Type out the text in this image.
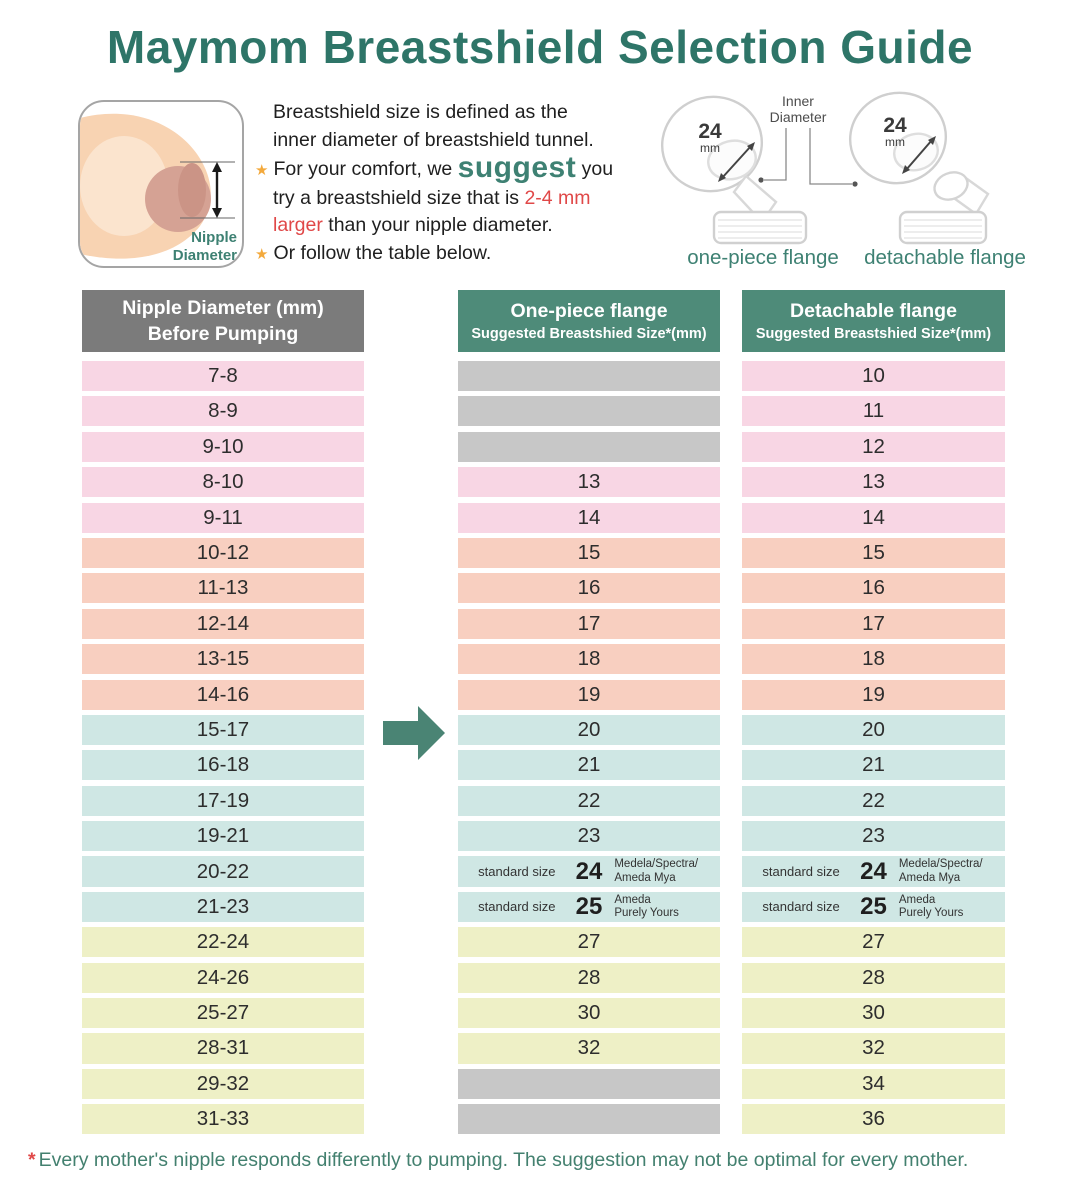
Maymom Breastshield Selection Guide
Nipple
Diameter
Breastshield size is defined as the
inner diameter of breastshield tunnel.
★ For your comfort, we suggest you
try a breastshield size that is 2-4 mm
larger than your nipple diameter.
★ Or follow the table below.
24
mm
24
mm
Inner
Diameter
one-piece flange	detachable flange
Nipple Diameter (mm)
Before Pumping
One-piece flange
Suggested Breastshied Size*(mm)
Detachable flange
Suggested Breastshied Size*(mm)
7-8
8-9
9-10
8-10
9-11
10-12
11-13
12-14
13-15
14-16
15-17
16-18
17-19
19-21
20-22
21-23
22-24
24-26
25-27
28-31
29-32
31-33
13
14
15
16
17
18
19
20
21
22
23
standard size 24 Medela/Spectra/
Ameda Mya
standard size 25 Ameda
Purely Yours
27
28
30
32
10
11
12
13
14
15
16
17
18
19
20
21
22
23
standard size 24 Medela/Spectra/
Ameda Mya
standard size 25 Ameda
Purely Yours
27
28
30
32
34
36
* Every mother's nipple responds differently to pumping. The suggestion may not be optimal for every mother.
